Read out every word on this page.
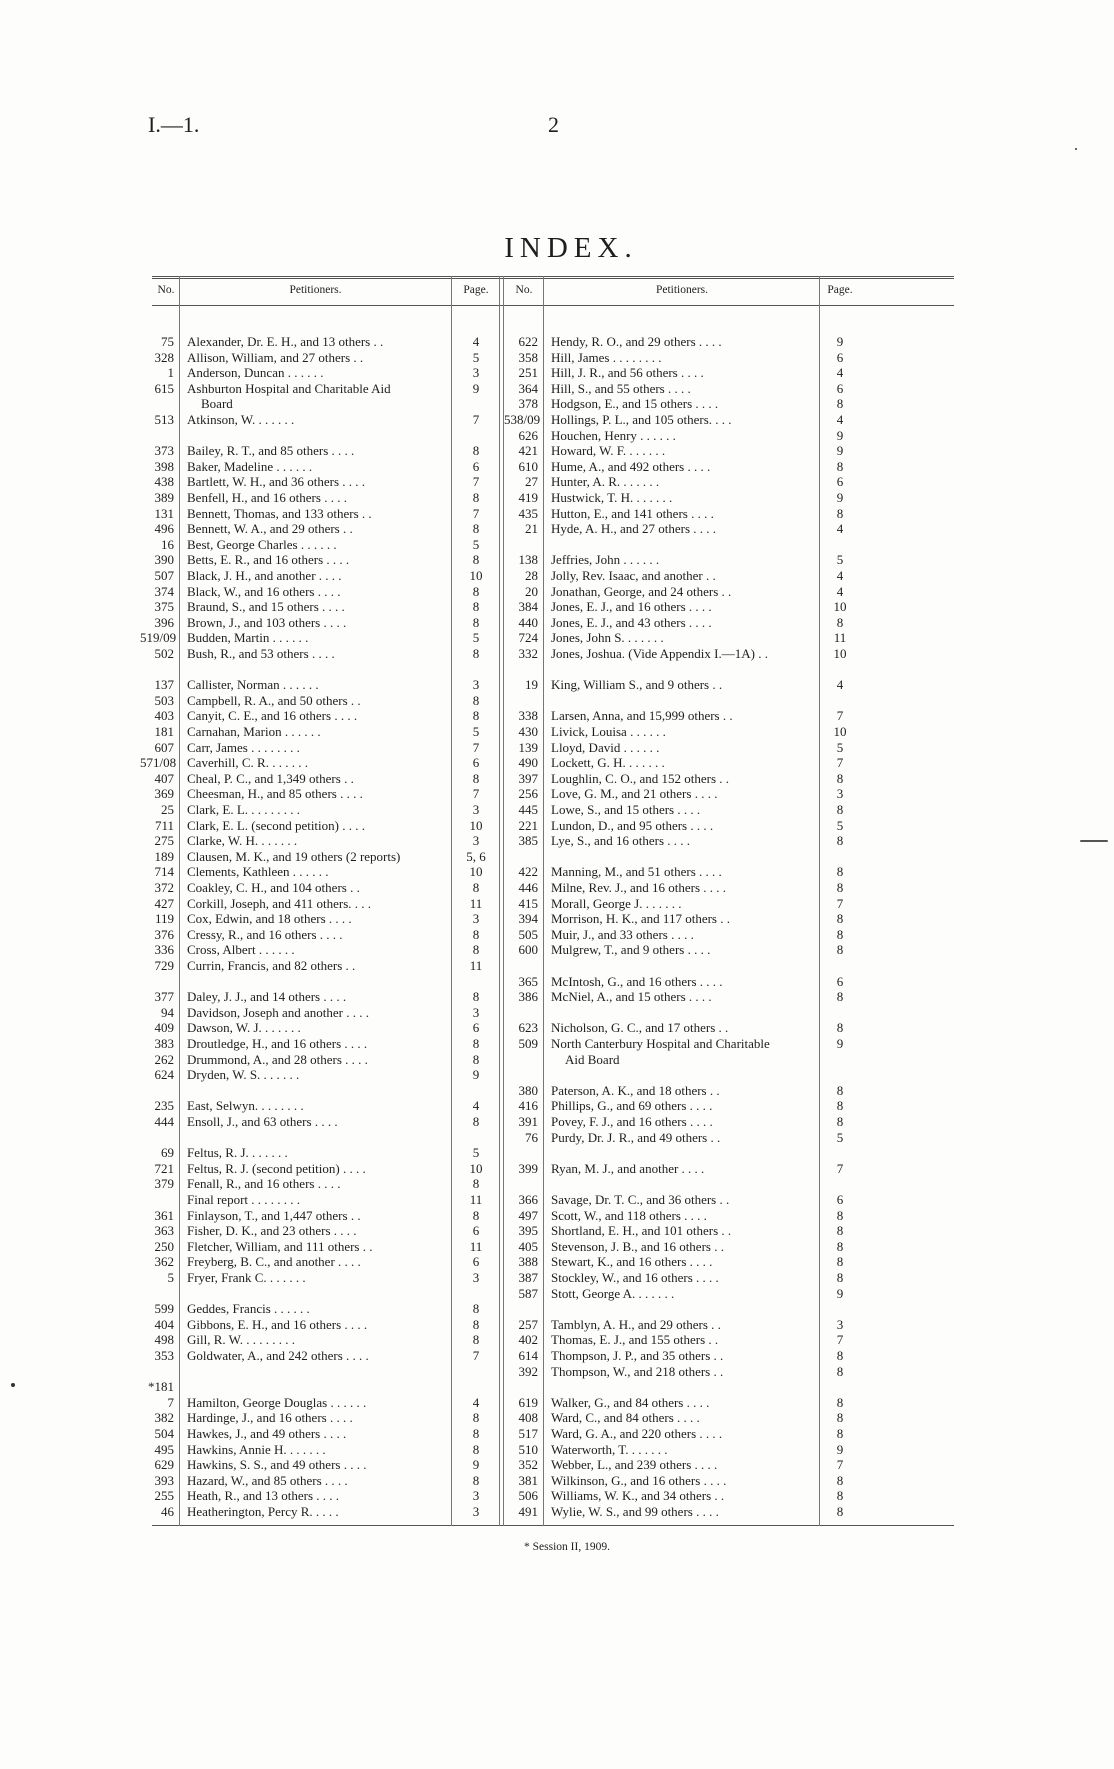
I.—1.	2
INDEX.
No.	Petitioners.	Page.	No.	Petitioners.	Page.
75 Alexander, Dr. E. H., and 13 others . .	4
328 Allison, William, and 27 others . .	5
1 Anderson, Duncan . . . . . .	3
615 Ashburton Hospital and Charitable Aid	9
Board
513 Atkinson, W. . . . . . .	7
373 Bailey, R. T., and 85 others . . . .	8
398 Baker, Madeline . . . . . .	6
438 Bartlett, W. H., and 36 others . . . .	7
389 Benfell, H., and 16 others . . . .	8
131 Bennett, Thomas, and 133 others . .	7
496 Bennett, W. A., and 29 others . .	8
16 Best, George Charles . . . . . .	5
390 Betts, E. R., and 16 others . . . .	8
507 Black, J. H., and another . . . .	10
374 Black, W., and 16 others . . . .	8
375 Braund, S., and 15 others . . . .	8
396 Brown, J., and 103 others . . . .	8
519/09 Budden, Martin . . . . . .	5
502 Bush, R., and 53 others . . . .	8
137 Callister, Norman . . . . . .	3
503 Campbell, R. A., and 50 others . .	8
403 Canyit, C. E., and 16 others . . . .	8
181 Carnahan, Marion . . . . . .	5
607 Carr, James . . . . . . . .	7
571/08 Caverhill, C. R. . . . . . .	6
407 Cheal, P. C., and 1,349 others . .	8
369 Cheesman, H., and 85 others . . . .	7
25 Clark, E. L. . . . . . . . .	3
711 Clark, E. L. (second petition) . . . .	10
275 Clarke, W. H. . . . . . .	3
189 Clausen, M. K., and 19 others (2 reports)	5, 6
714 Clements, Kathleen . . . . . .	10
372 Coakley, C. H., and 104 others . .	8
427 Corkill, Joseph, and 411 others. . . .	11
119 Cox, Edwin, and 18 others . . . .	3
376 Cressy, R., and 16 others . . . .	8
336 Cross, Albert . . . . . .	8
729 Currin, Francis, and 82 others . .	11
377 Daley, J. J., and 14 others . . . .	8
94 Davidson, Joseph and another . . . .	3
409 Dawson, W. J. . . . . . .	6
383 Droutledge, H., and 16 others . . . .	8
262 Drummond, A., and 28 others . . . .	8
624 Dryden, W. S. . . . . . .	9
235 East, Selwyn. . . . . . . .	4
444 Ensoll, J., and 63 others . . . .	8
69 Feltus, R. J. . . . . . .	5
721 Feltus, R. J. (second petition) . . . .	10
379 Fenall, R., and 16 others . . . .	8
Final report . . . . . . . .	11
361 Finlayson, T., and 1,447 others . .	8
363 Fisher, D. K., and 23 others . . . .	6
250 Fletcher, William, and 111 others . .	11
362 Freyberg, B. C., and another . . . .	6
5 Fryer, Frank C. . . . . . .	3
599 Geddes, Francis . . . . . .	8
404 Gibbons, E. H., and 16 others . . . .	8
498 Gill, R. W. . . . . . . . .	8
353 Goldwater, A., and 242 others . . . .	7
*181
7 Hamilton, George Douglas . . . . . .	4
382 Hardinge, J., and 16 others . . . .	8
504 Hawkes, J., and 49 others . . . .	8
495 Hawkins, Annie H. . . . . . .	8
629 Hawkins, S. S., and 49 others . . . .	9
393 Hazard, W., and 85 others . . . .	8
255 Heath, R., and 13 others . . . .	3
46 Heatherington, Percy R. . . . .	3
622 Hendy, R. O., and 29 others . . . .	9
358 Hill, James . . . . . . . .	6
251 Hill, J. R., and 56 others . . . .	4
364 Hill, S., and 55 others . . . .	6
378 Hodgson, E., and 15 others . . . .	8
538/09 Hollings, P. L., and 105 others. . . .	4
626 Houchen, Henry . . . . . .	9
421 Howard, W. F. . . . . . .	9
610 Hume, A., and 492 others . . . .	8
27 Hunter, A. R. . . . . . .	6
419 Hustwick, T. H. . . . . . .	9
435 Hutton, E., and 141 others . . . .	8
21 Hyde, A. H., and 27 others . . . .	4
138 Jeffries, John . . . . . .	5
28 Jolly, Rev. Isaac, and another . .	4
20 Jonathan, George, and 24 others . .	4
384 Jones, E. J., and 16 others . . . .	10
440 Jones, E. J., and 43 others . . . .	8
724 Jones, John S. . . . . . .	11
332 Jones, Joshua. (Vide Appendix I.—1A) . .	10
19 King, William S., and 9 others . .	4
338 Larsen, Anna, and 15,999 others . .	7
430 Livick, Louisa . . . . . .	10
139 Lloyd, David . . . . . .	5
490 Lockett, G. H. . . . . . .	7
397 Loughlin, C. O., and 152 others . .	8
256 Love, G. M., and 21 others . . . .	3
445 Lowe, S., and 15 others . . . .	8
221 Lundon, D., and 95 others . . . .	5
385 Lye, S., and 16 others . . . .	8
422 Manning, M., and 51 others . . . .	8
446 Milne, Rev. J., and 16 others . . . .	8
415 Morall, George J. . . . . . .	7
394 Morrison, H. K., and 117 others . .	8
505 Muir, J., and 33 others . . . .	8
600 Mulgrew, T., and 9 others . . . .	8
365 McIntosh, G., and 16 others . . . .	6
386 McNiel, A., and 15 others . . . .	8
623 Nicholson, G. C., and 17 others . .	8
509 North Canterbury Hospital and Charitable	9
Aid Board
380 Paterson, A. K., and 18 others . .	8
416 Phillips, G., and 69 others . . . .	8
391 Povey, F. J., and 16 others . . . .	8
76 Purdy, Dr. J. R., and 49 others . .	5
399 Ryan, M. J., and another . . . .	7
366 Savage, Dr. T. C., and 36 others . .	6
497 Scott, W., and 118 others . . . .	8
395 Shortland, E. H., and 101 others . .	8
405 Stevenson, J. B., and 16 others . .	8
388 Stewart, K., and 16 others . . . .	8
387 Stockley, W., and 16 others . . . .	8
587 Stott, George A. . . . . . .	9
257 Tamblyn, A. H., and 29 others . .	3
402 Thomas, E. J., and 155 others . .	7
614 Thompson, J. P., and 35 others . .	8
392 Thompson, W., and 218 others . .	8
619 Walker, G., and 84 others . . . .	8
408 Ward, C., and 84 others . . . .	8
517 Ward, G. A., and 220 others . . . .	8
510 Waterworth, T. . . . . . .	9
352 Webber, L., and 239 others . . . .	7
381 Wilkinson, G., and 16 others . . . .	8
506 Williams, W. K., and 34 others . .	8
491 Wylie, W. S., and 99 others . . . .	8
* Session II, 1909.
